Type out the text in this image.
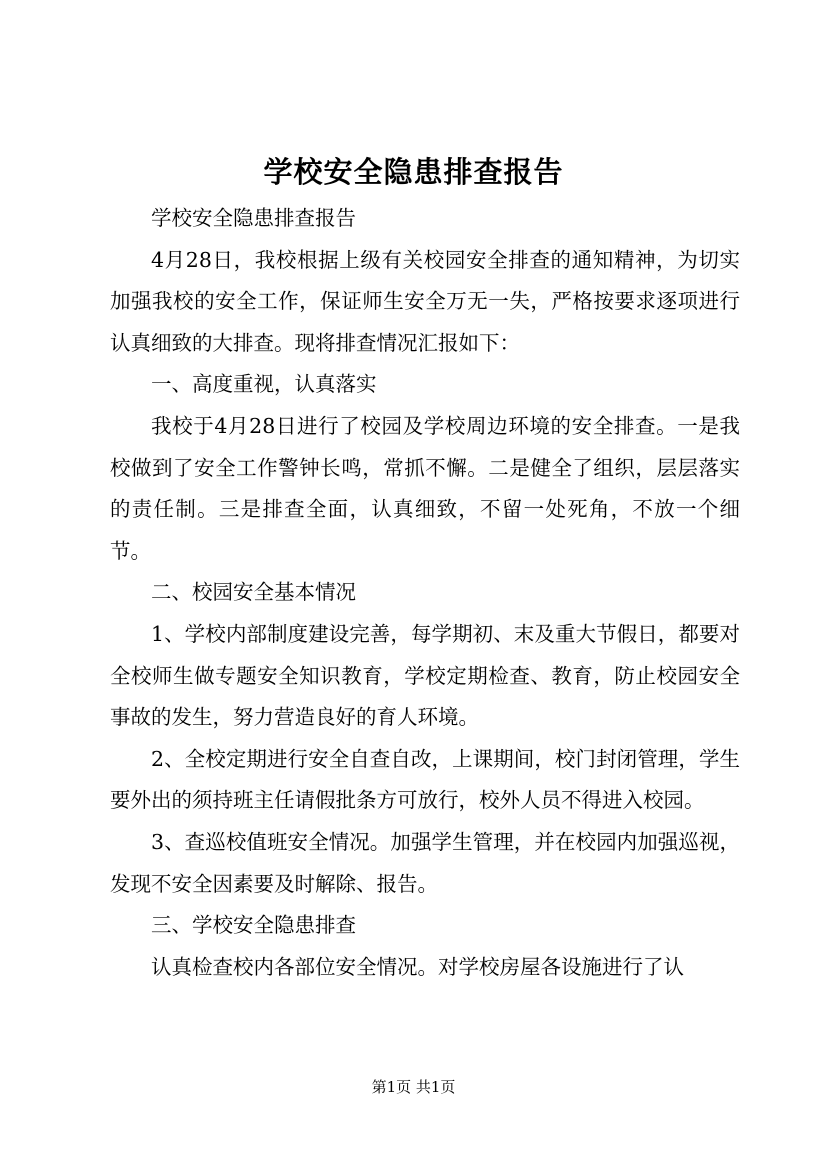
学校安全隐患排查报告

学校安全隐患排查报告

4月28日，我校根据上级有关校园安全排查的通知精神，为切实加强我校的安全工作，保证师生安全万无一失，严格按要求逐项进行认真细致的大排查。现将排查情况汇报如下：

一、高度重视，认真落实

我校于4月28日进行了校园及学校周边环境的安全排查。一是我校做到了安全工作警钟长鸣，常抓不懈。二是健全了组织，层层落实的责任制。三是排查全面，认真细致，不留一处死角，不放一个细节。

二、校园安全基本情况

1、学校内部制度建设完善，每学期初、末及重大节假日，都要对全校师生做专题安全知识教育，学校定期检查、教育，防止校园安全事故的发生，努力营造良好的育人环境。

2、全校定期进行安全自查自改，上课期间，校门封闭管理，学生要外出的须持班主任请假批条方可放行，校外人员不得进入校园。

3、查巡校值班安全情况。加强学生管理，并在校园内加强巡视，发现不安全因素要及时解除、报告。

三、学校安全隐患排查

认真检查校内各部位安全情况。对学校房屋各设施进行了认

第1页 共1页
